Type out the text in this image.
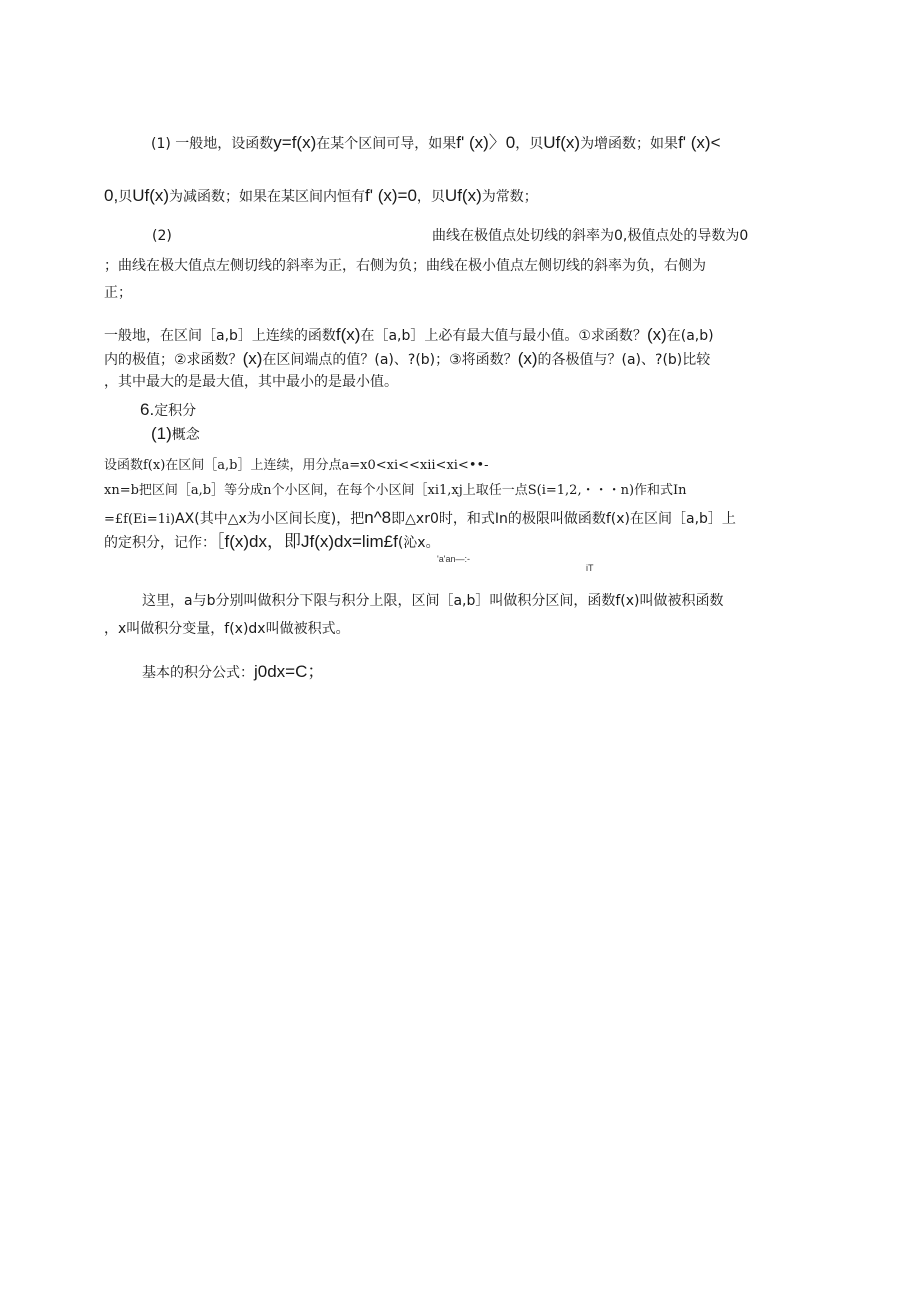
(1) 一般地，设函数y=f(x)在某个区间可导，如果f' (x)〉0，贝Uf(x)为增函数；如果f' (x)<
0,贝Uf(x)为减函数；如果在某区间内恒有f' (x)=0，贝Uf(x)为常数；
(2)	曲线在极值点处切线的斜率为0,极值点处的导数为0
；曲线在极大值点左侧切线的斜率为正，右侧为负；曲线在极小值点左侧切线的斜率为负，右侧为
正；
一般地，在区间［a,b］上连续的函数f(x)在［a,b］上必有最大值与最小值。①求函数？(x)在(a,b)
内的极值；②求函数？(x)在区间端点的值？(a)、?(b)；③将函数？(x)的各极值与？(a)、?(b)比较
，其中最大的是最大值，其中最小的是最小值。
6.定积分
(1)概念
设函数f(x)在区间［a,b］上连续，用分点a=x0<xi<<xii<xi<••-
xn=b把区间［a,b］等分成n个小区间，在每个小区间［xi1,xj上取任一点S(i=1,2,・・・n)作和式In
=£f(Ei=1i)AX(其中△x为小区间长度)，把n^8即△xr0时，和式In的极限叫做函数f(x)在区间［a,b］上
的定积分，记作：［f(x)dx，即Jf(x)dx=lim£f(沁x。
'a'an—:-
iT
这里，a与b分别叫做积分下限与积分上限，区间［a,b］叫做积分区间，函数f(x)叫做被积函数
，x叫做积分变量，f(x)dx叫做被积式。
基本的积分公式：j0dx=C；
